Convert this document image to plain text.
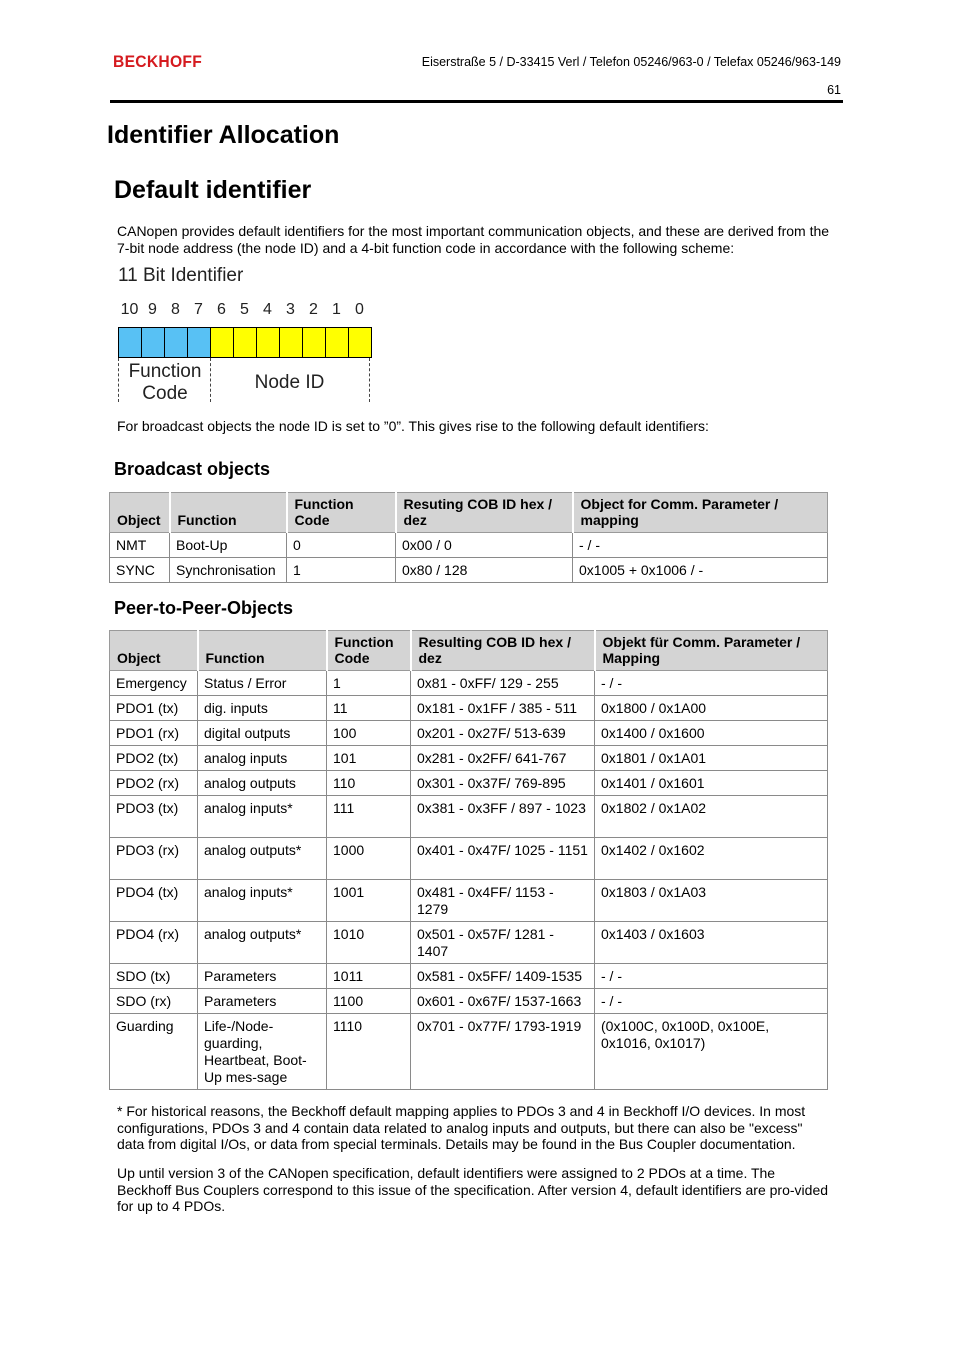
BECKHOFF	Eiserstraße 5 / D-33415 Verl / Telefon 05246/963-0 / Telefax 05246/963-149
61
Identifier Allocation
Default identifier
CANopen provides default identifiers for the most important communication objects, and these are derived from the 7-bit node address (the node ID) and a 4-bit function code in accordance with the following scheme:
11 Bit Identifier
10 9 8 7 6 5 4 3 2 1 0
Function
Code
Node ID
For broadcast objects the node ID is set to ”0”. This gives rise to the following default identifiers:
Broadcast objects
Object	Function	Function Code	Resuting COB ID hex / dez	Object for Comm. Parameter / mapping
NMT	Boot-Up	0	0x00 / 0	- / -
SYNC	Synchronisation	1	0x80 / 128	0x1005 + 0x1006 / -
Peer-to-Peer-Objects
Object	Function	Function Code	Resulting COB ID hex / dez	Objekt für Comm. Parameter / Mapping
Emergency	Status / Error	1	0x81 - 0xFF/ 129 - 255	- / -
PDO1 (tx)	dig. inputs	11	0x181 - 0x1FF / 385 - 511	0x1800 / 0x1A00
PDO1 (rx)	digital outputs	100	0x201 - 0x27F/ 513-639	0x1400 / 0x1600
PDO2 (tx)	analog inputs	101	0x281 - 0x2FF/ 641-767	0x1801 / 0x1A01
PDO2 (rx)	analog outputs	110	0x301 - 0x37F/ 769-895	0x1401 / 0x1601
PDO3 (tx)	analog inputs*	111	0x381 - 0x3FF / 897 - 1023	0x1802 / 0x1A02
PDO3 (rx)	analog outputs*	1000	0x401 - 0x47F/ 1025 - 1151	0x1402 / 0x1602
PDO4 (tx)	analog inputs*	1001	0x481 - 0x4FF/ 1153 - 1279	0x1803 / 0x1A03
PDO4 (rx)	analog outputs*	1010	0x501 - 0x57F/ 1281 - 1407	0x1403 / 0x1603
SDO (tx)	Parameters	1011	0x581 - 0x5FF/ 1409-1535	- / -
SDO (rx)	Parameters	1100	0x601 - 0x67F/ 1537-1663	- / -
Guarding	Life-/Node-guarding, Heartbeat, Boot-Up mes-sage	1110	0x701 - 0x77F/ 1793-1919	(0x100C, 0x100D, 0x100E, 0x1016, 0x1017)
* For historical reasons, the Beckhoff default mapping applies to PDOs 3 and 4 in Beckhoff I/O devices. In most configurations, PDOs 3 and 4 contain data related to analog inputs and outputs, but there can also be "excess" data from digital I/Os, or data from special terminals. Details may be found in the Bus Coupler documentation.
Up until version 3 of the CANopen specification, default identifiers were assigned to 2 PDOs at a time. The Beckhoff Bus Couplers correspond to this issue of the specification. After version 4, default identifiers are pro-vided for up to 4 PDOs.
